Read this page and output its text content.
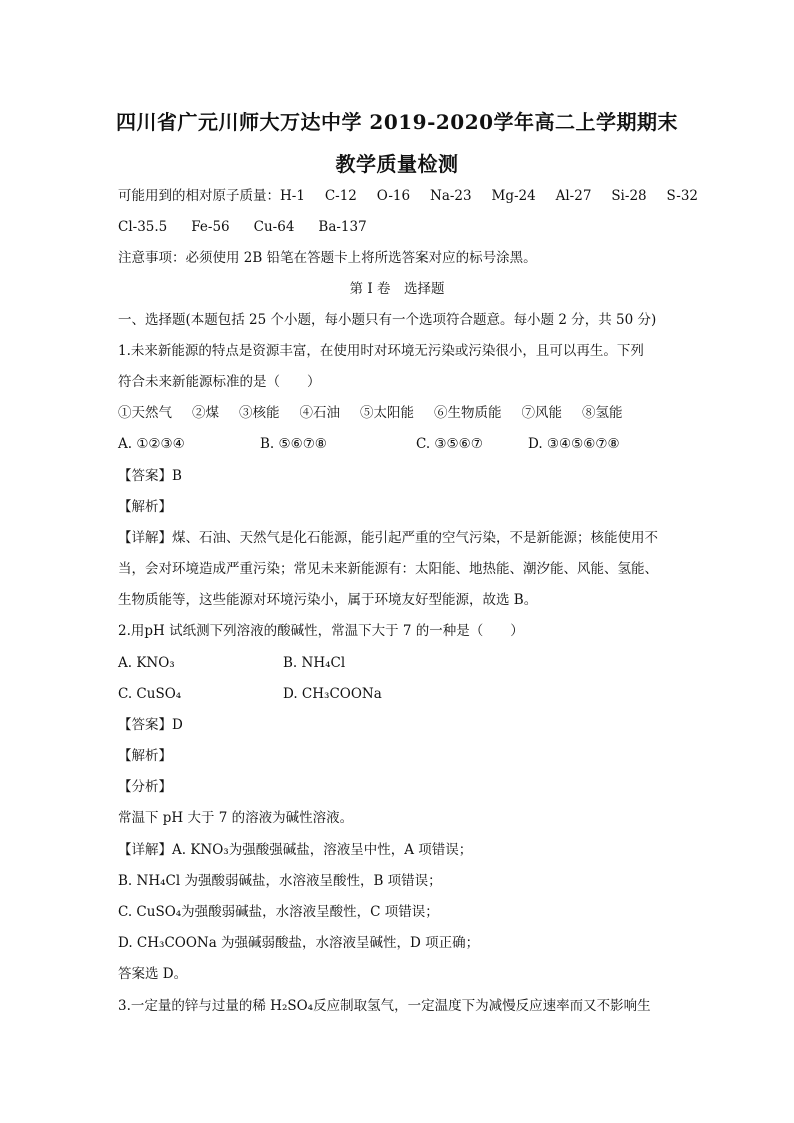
四川省广元川师大万达中学 2019-2020学年高二上学期期末
教学质量检测
可能用到的相对原子质量： H-1 C-12 O-16 Na-23 Mg-24 Al-27 Si-28 S-32
Cl-35.5 Fe-56 Cu-64 Ba-137
注意事项：必须使用 2B 铅笔在答题卡上将所选答案对应的标号涂黑。
第 I 卷　选择题
一、选择题(本题包括 25 个小题，每小题只有一个选项符合题意。每小题 2 分，共 50 分)
1.未来新能源的特点是资源丰富，在使用时对环境无污染或污染很小，且可以再生。下列
符合未来新能源标准的是（　　）
①天然气 ②煤 ③核能 ④石油 ⑤太阳能 ⑥生物质能 ⑦风能 ⑧氢能
A. ①②③④	B. ⑤⑥⑦⑧	C. ③⑤⑥⑦	D. ③④⑤⑥⑦⑧
【答案】B
【解析】
【详解】煤、石油、天然气是化石能源，能引起严重的空气污染，不是新能源；核能使用不
当，会对环境造成严重污染；常见未来新能源有：太阳能、地热能、潮汐能、风能、氢能、
生物质能等，这些能源对环境污染小，属于环境友好型能源，故选 B。
2.用pH 试纸测下列溶液的酸碱性，常温下大于 7 的一种是（　　）
A. KNO₃	B. NH₄Cl
C. CuSO₄	D. CH₃COONa
【答案】D
【解析】
【分析】
常温下 pH 大于 7 的溶液为碱性溶液。
【详解】A. KNO₃为强酸强碱盐，溶液呈中性，A 项错误；
B. NH₄Cl 为强酸弱碱盐，水溶液呈酸性，B 项错误；
C. CuSO₄为强酸弱碱盐，水溶液呈酸性，C 项错误；
D. CH₃COONa 为强碱弱酸盐，水溶液呈碱性，D 项正确；
答案选 D。
3.一定量的锌与过量的稀 H₂SO₄反应制取氢气，一定温度下为减慢反应速率而又不影响生
